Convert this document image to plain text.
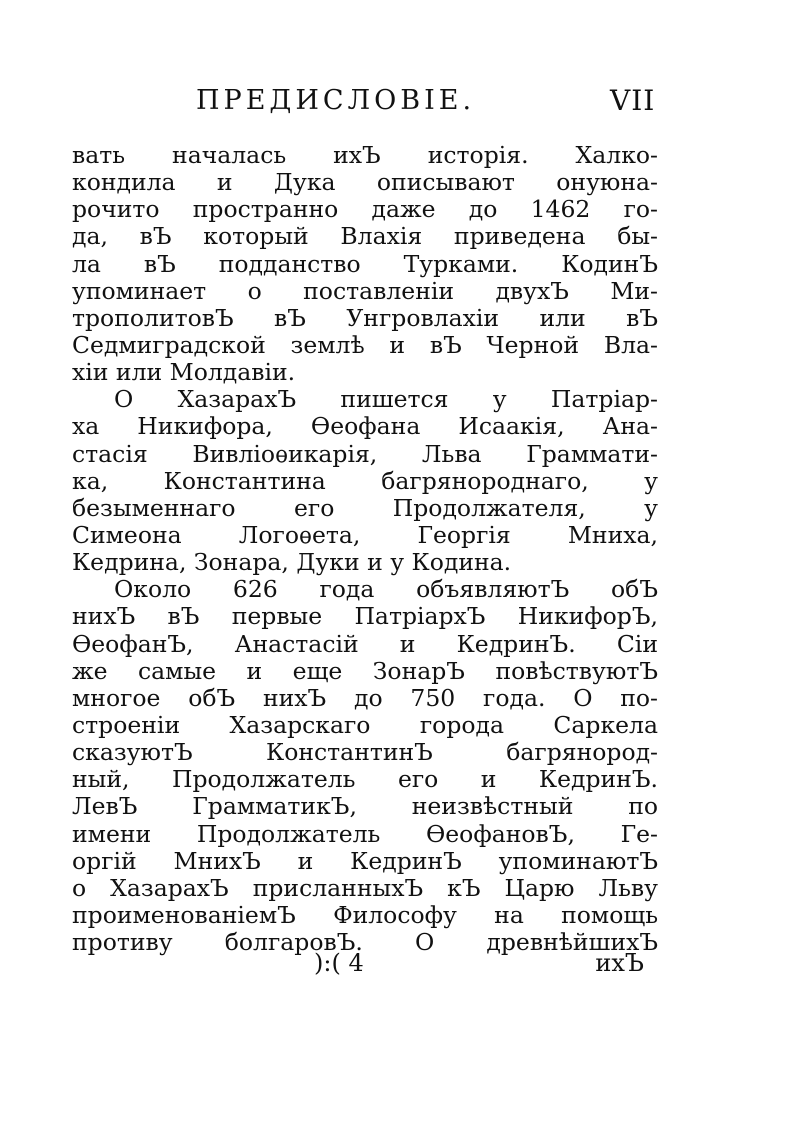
ПРЕДИСЛОВІЕ.	VII
вать началась ихЪ исторія. Халко-
кондила и Дука описывают онуюна-
рочито пространно даже до 1462 го-
да, вЪ который Влахія приведена бы-
ла вЪ подданство Турками. КодинЪ
упоминает о поставленіи двухЪ Ми-
трополитовЪ вЪ Унгровлахіи или вЪ
Седмиградской землѣ и вЪ Черной Вла-
хіи или Молдавіи.
О ХазарахЪ пишется у Патріар-
ха Никифора, Ѳеофана Исаакія, Ана-
стасія Вивліоѳикарія, Льва Граммати-
ка, Константина багрянороднаго, у
безыменнаго его Продолжателя, у
Симеона Логоѳета, Георгія Мниха,
Кедрина, Зонара, Дуки и у Кодина.
Около 626 года объявляютЪ обЪ
нихЪ вЪ первые ПатріархЪ НикифорЪ,
ѲеофанЪ, Анастасій и КедринЪ. Сіи
же самые и еще ЗонарЪ повѣствуютЪ
многое обЪ нихЪ до 750 года. О по-
строеніи Хазарскаго города Саркела
сказуютЪ КонстантинЪ багрянород-
ный, Продолжатель его и КедринЪ.
ЛевЪ ГрамматикЪ, неизвѣстный по
имени Продолжатель ѲеофановЪ, Ге-
оргій МнихЪ и КедринЪ упоминаютЪ
о ХазарахЪ присланныхЪ кЪ Царю Льву
проименованіемЪ Философу на помощь
противу болгаровЪ. О древнѣйшихЪ
):( 4	ихЪ
